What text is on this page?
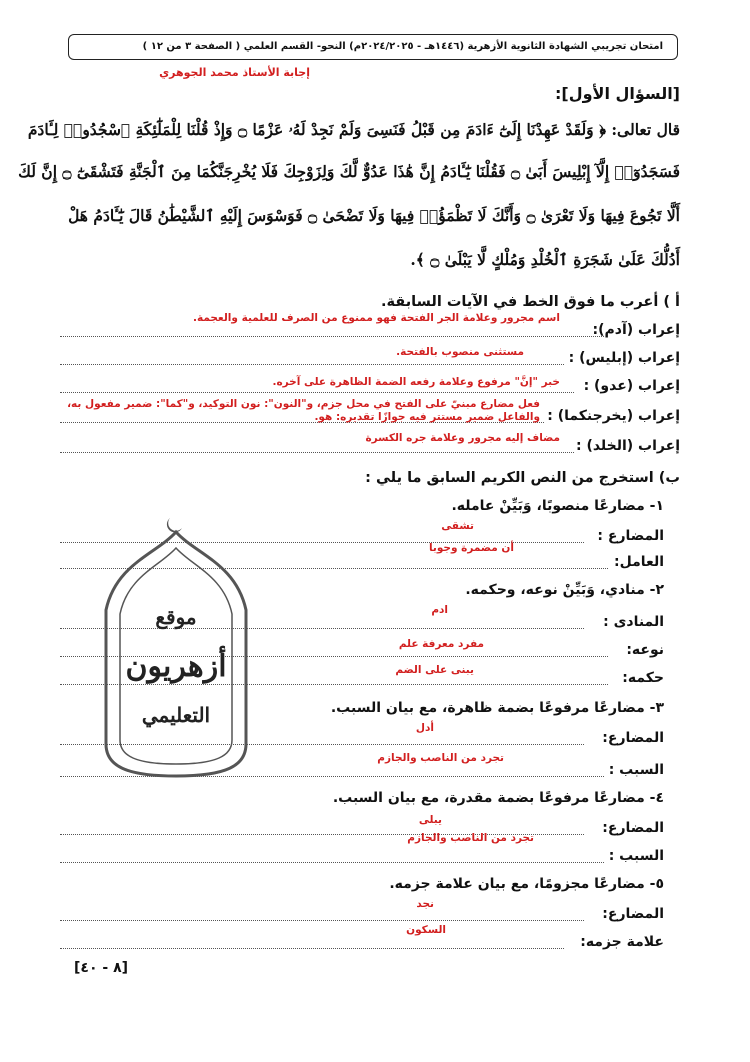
امتحان تجريبي الشهادة الثانوية الأزهرية (١٤٤٦هـ - ٢٠٢٤/٢٠٢٥م) النحو- القسم العلمي ( الصفحة ٣ من ١٢ )
إجابة الأستاذ محمد الجوهري
[السؤال الأول]:
قال تعالى: ﴿ وَلَقَدْ عَهِدْنَا إِلَىٰٓ ءَادَمَ مِن قَبْلُ فَنَسِىَ وَلَمْ نَجِدْ لَهُۥ عَزْمًا ۝ وَإِذْ قُلْنَا لِلْمَلَٰٓئِكَةِ ٱسْجُدُوا۟ لِـَٔادَمَ
فَسَجَدُوٓا۟ إِلَّآ إِبْلِيسَ أَبَىٰ ۝ فَقُلْنَا يَٰٓـَٔادَمُ إِنَّ هَٰذَا عَدُوٌّ لَّكَ وَلِزَوْجِكَ فَلَا يُخْرِجَنَّكُمَا مِنَ ٱلْجَنَّةِ فَتَشْقَىٰٓ ۝ إِنَّ لَكَ
أَلَّا تَجُوعَ فِيهَا وَلَا تَعْرَىٰ ۝ وَأَنَّكَ لَا تَظْمَؤُا۟ فِيهَا وَلَا تَضْحَىٰ ۝ فَوَسْوَسَ إِلَيْهِ ٱلشَّيْطَٰنُ قَالَ يَٰٓـَٔادَمُ هَلْ
أَدُلُّكَ عَلَىٰ شَجَرَةِ ٱلْخُلْدِ وَمُلْكٍ لَّا يَبْلَىٰ ۝ ﴾.
أ ) أعرب ما فوق الخط في الآيات السابقة.
إعراب (آدم):
اسم مجرور وعلامة الجر الفتحة فهو ممنوع من الصرف للعلمية والعجمة.
إعراب (إبليس) :
مستثنى منصوب بالفتحة.
إعراب (عدو) :
خبر "إنَّ" مرفوع وعلامة رفعه الضمة الظاهرة على آخره.
إعراب (يخرجنكما) :
فعل مضارع مبنيّ على الفتح في محل جزم، و"النون": نون التوكيد، و"كما": ضمير مفعول به، والفاعل ضمير مستتر فيه جوازًا تقديره: هو.
إعراب (الخلد) :
مضاف إليه مجرور وعلامة جره الكسرة
ب) استخرج من النص الكريم السابق ما يلي :
١- مضارعًا منصوبًا، وَبَيِّنْ عامله.
المضارع :
تشقى
العامل:
أن مضمرة وجوبا
٢- منادي، وَبَيِّنْ نوعه، وحكمه.
المنادى :
ادم
نوعه:
مفرد معرفة علم
حكمه:
يبنى على الضم
٣- مضارعًا مرفوعًا بضمة ظاهرة، مع بيان السبب.
المضارع:
أدل
السبب :
تجرد من الناصب والجازم
٤- مضارعًا مرفوعًا بضمة مقدرة، مع بيان السبب.
المضارع:
يبلى
السبب :
تجرد من الناصب والجازم
٥- مضارعًا مجزومًا، مع بيان علامة جزمه.
المضارع:
نجد
علامة جزمه:
السكون
موقع
أزهريون
التعليمي
[٨ - ٤٠]
